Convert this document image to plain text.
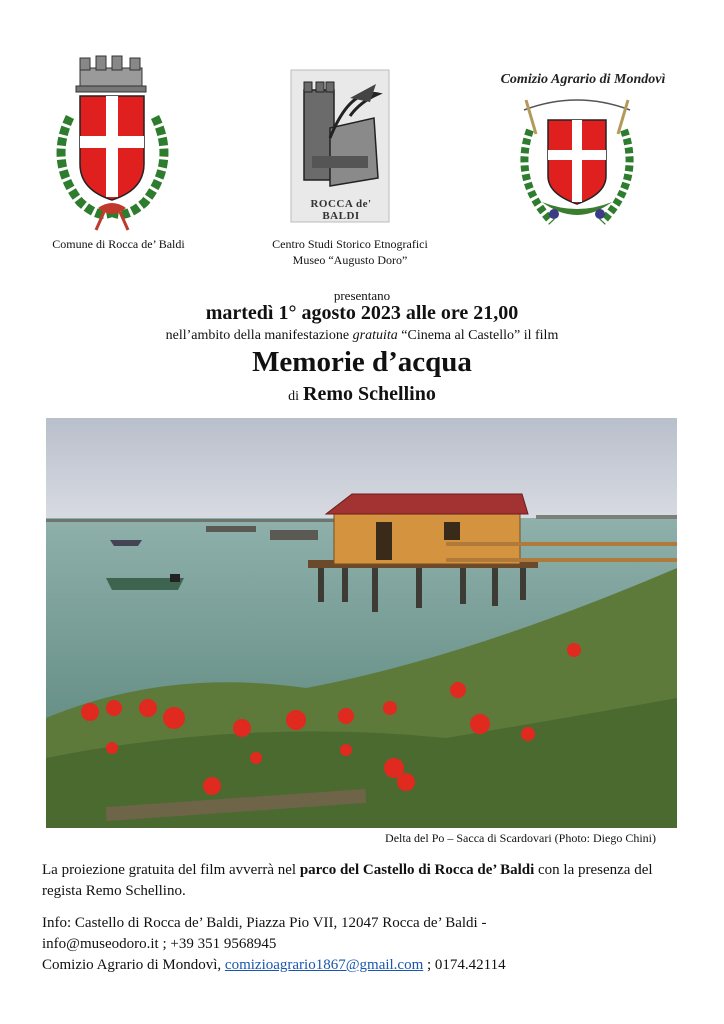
Comune di Rocca de’ Baldi
ROCCA de' BALDI
Centro Studi Storico Etnografici
Museo “Augusto Doro”
Comizio Agrario di Mondovì
presentano
martedì 1° agosto 2023 alle ore 21,00
nell’ambito della manifestazione gratuita “Cinema al Castello” il film
Memorie d’acqua
di Remo Schellino
Delta del Po – Sacca di Scardovari (Photo: Diego Chini)
La proiezione gratuita del film avverrà nel parco del Castello di Rocca de’ Baldi con la presenza del regista Remo Schellino.
Info: Castello di Rocca de’ Baldi, Piazza Pio VII, 12047 Rocca de’ Baldi -
info@museodoro.it ; +39 351 9568945
Comizio Agrario di Mondovì, comizioagrario1867@gmail.com ; 0174.42114
